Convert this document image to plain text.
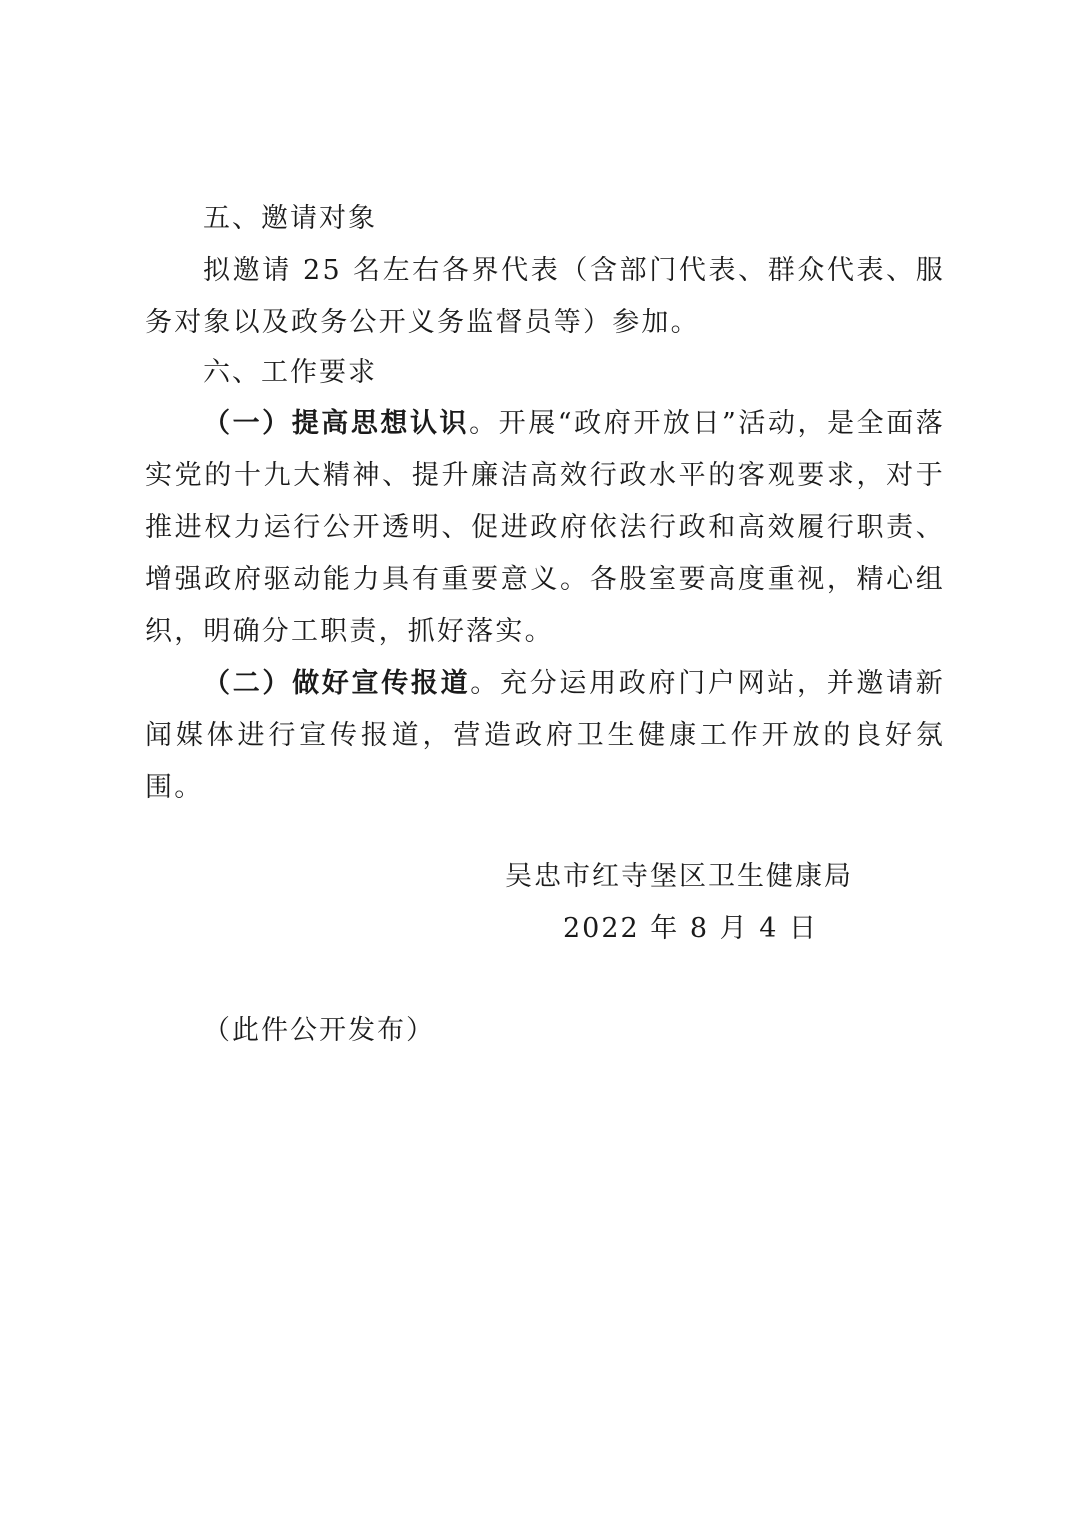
五、邀请对象

拟邀请 25 名左右各界代表（含部门代表、群众代表、服务对象以及政务公开义务监督员等）参加。

六、工作要求

（一）提高思想认识。开展“政府开放日”活动，是全面落实党的十九大精神、提升廉洁高效行政水平的客观要求，对于推进权力运行公开透明、促进政府依法行政和高效履行职责、增强政府驱动能力具有重要意义。各股室要高度重视，精心组织，明确分工职责，抓好落实。

（二）做好宣传报道。充分运用政府门户网站，并邀请新闻媒体进行宣传报道，营造政府卫生健康工作开放的良好氛围。

吴忠市红寺堡区卫生健康局
2022 年 8 月 4 日
（此件公开发布）
